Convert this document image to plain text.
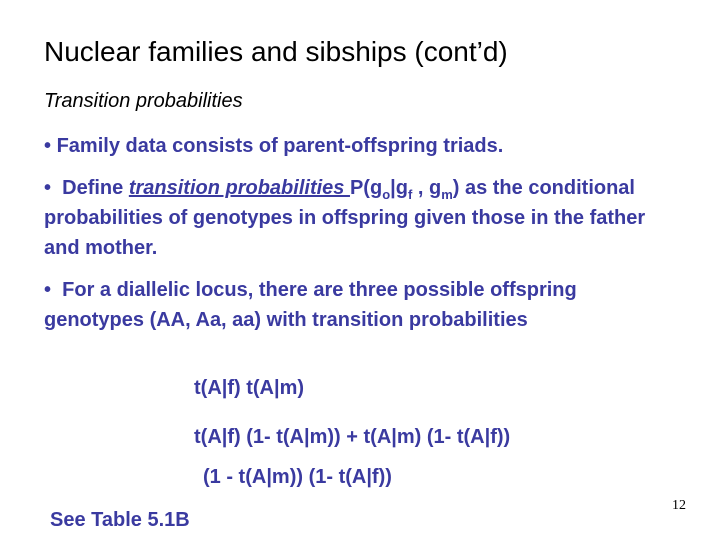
Nuclear families and sibships (cont’d)
Transition probabilities
• Family data consists of parent-offspring triads.
• Define transition probabilities $P(g_o|g_f$ , $g_m$) as the conditional probabilities of genotypes in offspring given those in the father and mother.
• For a diallelic locus, there are three possible offspring genotypes (AA, Aa, aa) with transition probabilities
t(A|f) t(A|m)
t(A|f) (1- t(A|m)) + t(A|m) (1- t(A|f))
(1 - t(A|m)) (1- t(A|f))
See Table 5.1B
12
